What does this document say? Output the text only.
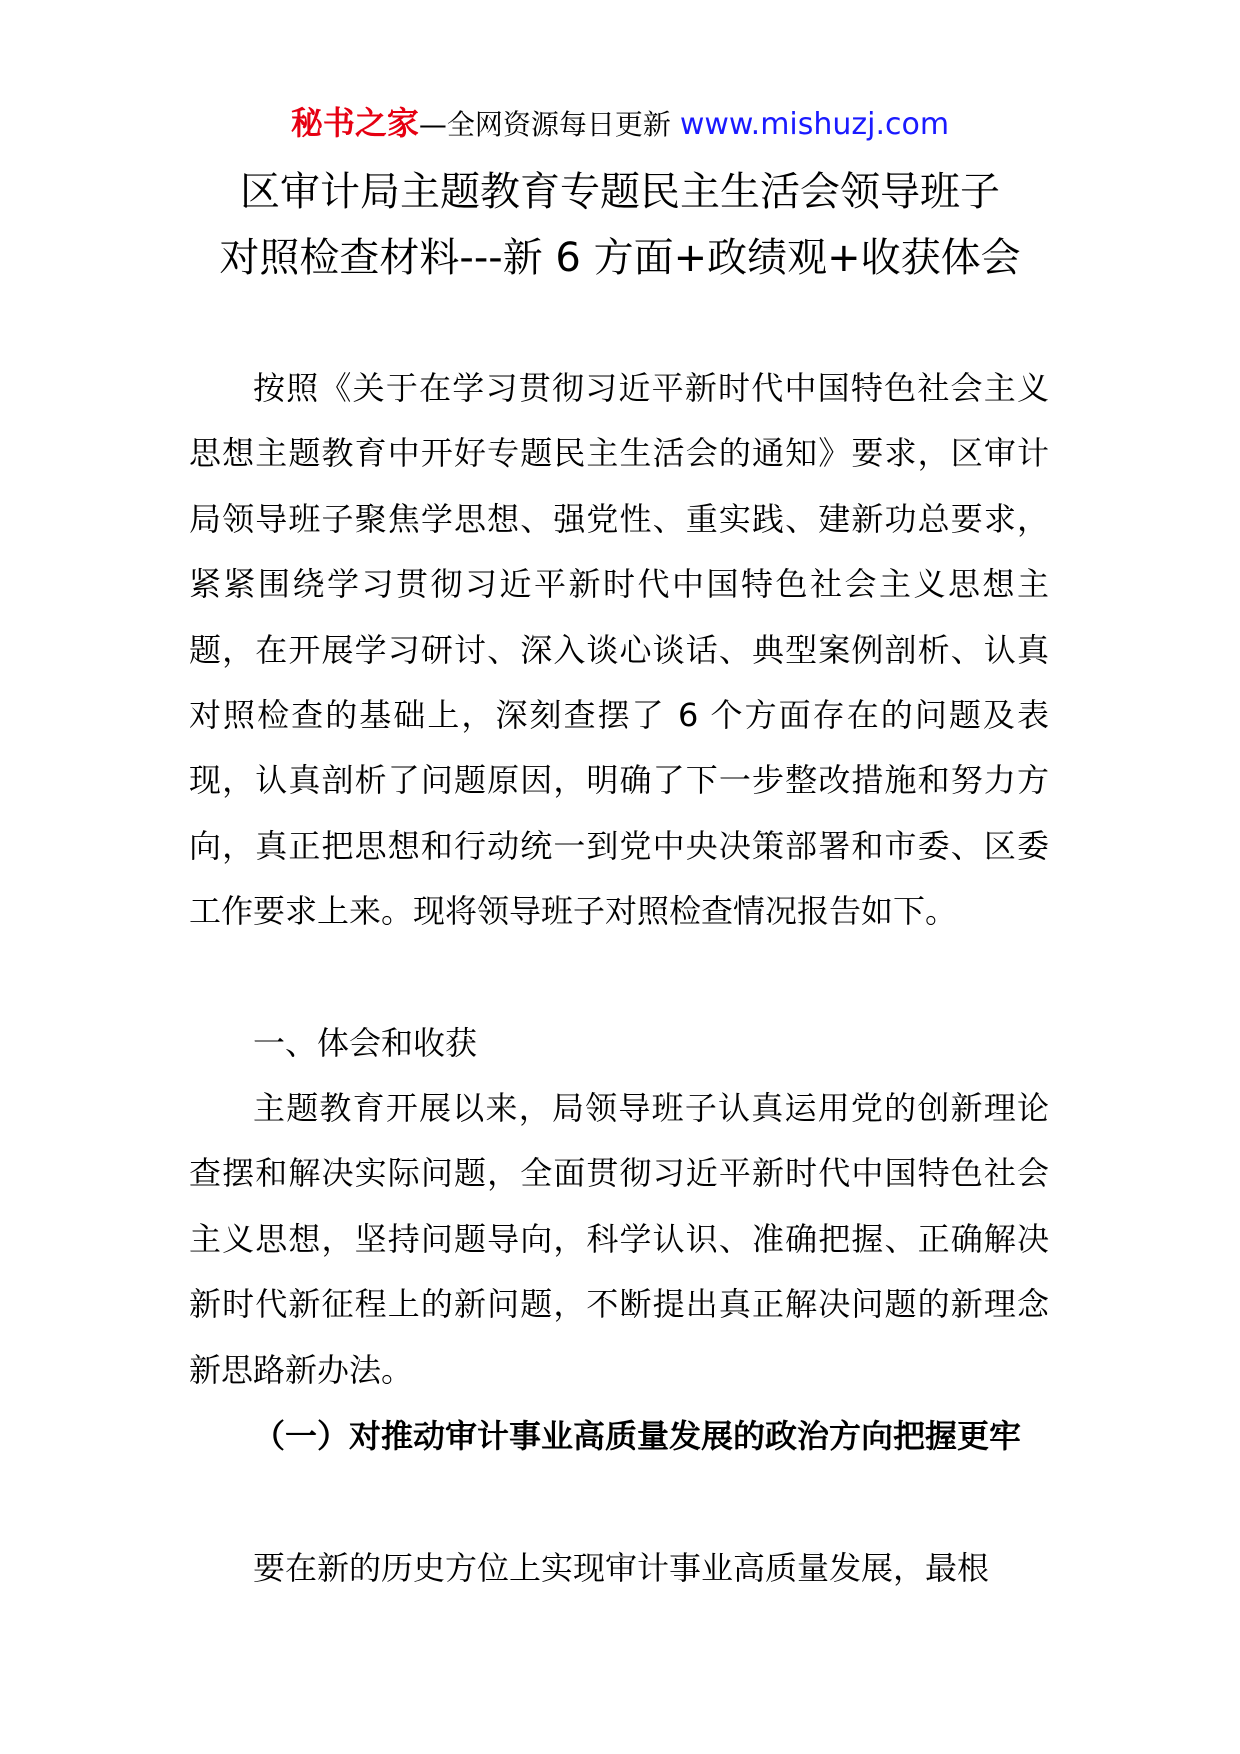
秘书之家—全网资源每日更新 www.mishuzj.com
区审计局主题教育专题民主生活会领导班子
对照检查材料---新 6 方面+政绩观+收获体会

按照《关于在学习贯彻习近平新时代中国特色社会主义思想主题教育中开好专题民主生活会的通知》要求，区审计局领导班子聚焦学思想、强党性、重实践、建新功总要求，紧紧围绕学习贯彻习近平新时代中国特色社会主义思想主题，在开展学习研讨、深入谈心谈话、典型案例剖析、认真对照检查的基础上，深刻查摆了 6 个方面存在的问题及表现，认真剖析了问题原因，明确了下一步整改措施和努力方向，真正把思想和行动统一到党中央决策部署和市委、区委工作要求上来。现将领导班子对照检查情况报告如下。

一、体会和收获

主题教育开展以来，局领导班子认真运用党的创新理论查摆和解决实际问题，全面贯彻习近平新时代中国特色社会主义思想，坚持问题导向，科学认识、准确把握、正确解决新时代新征程上的新问题，不断提出真正解决问题的新理念新思路新办法。

（一）对推动审计事业高质量发展的政治方向把握更牢

要在新的历史方位上实现审计事业高质量发展，最根
